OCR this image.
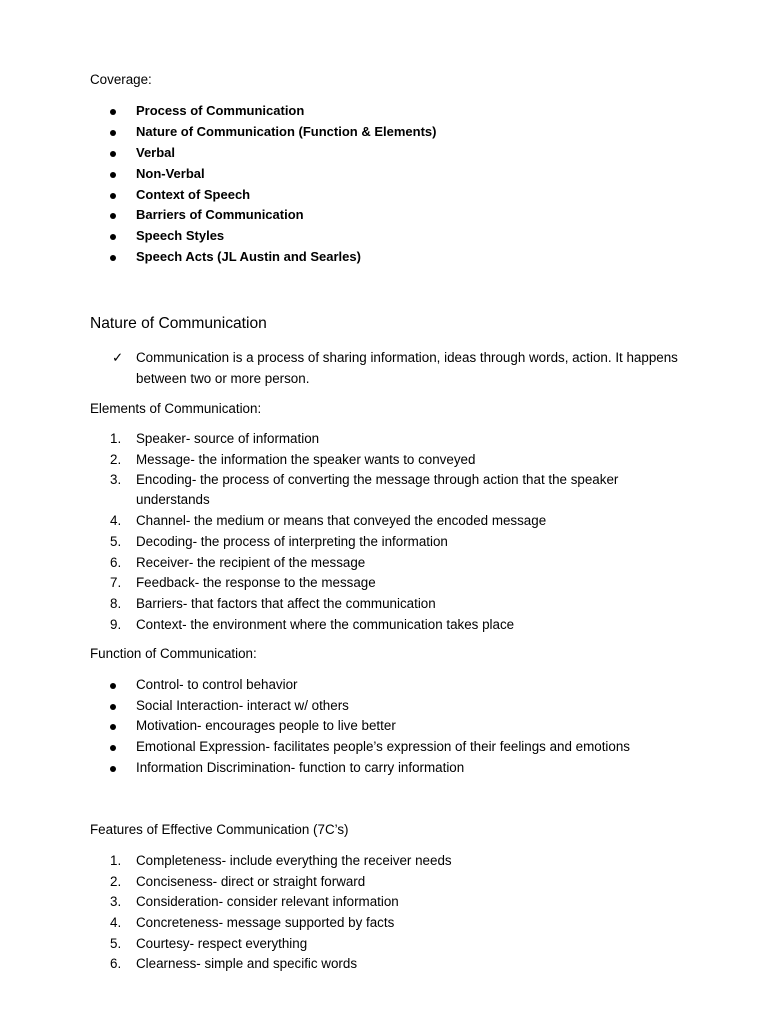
Coverage:

Process of Communication
Nature of Communication (Function & Elements)
Verbal
Non-Verbal
Context of Speech
Barriers of Communication
Speech Styles
Speech Acts (JL Austin and Searles)
Nature of Communication
✓ Communication is a process of sharing information, ideas through words, action. It happens between two or more person.

Elements of Communication:

1. Speaker- source of information
2. Message- the information the speaker wants to conveyed
3. Encoding- the process of converting the message through action that the speaker understands
4. Channel- the medium or means that conveyed the encoded message
5. Decoding- the process of interpreting the information
6. Receiver- the recipient of the message
7. Feedback- the response to the message
8. Barriers- that factors that affect the communication
9. Context- the environment where the communication takes place

Function of Communication:

Control- to control behavior
Social Interaction- interact w/ others
Motivation- encourages people to live better
Emotional Expression- facilitates people’s expression of their feelings and emotions
Information Discrimination- function to carry information

Features of Effective Communication (7C’s)

1. Completeness- include everything the receiver needs
2. Conciseness- direct or straight forward
3. Consideration- consider relevant information
4. Concreteness- message supported by facts
5. Courtesy- respect everything
6. Clearness- simple and specific words
